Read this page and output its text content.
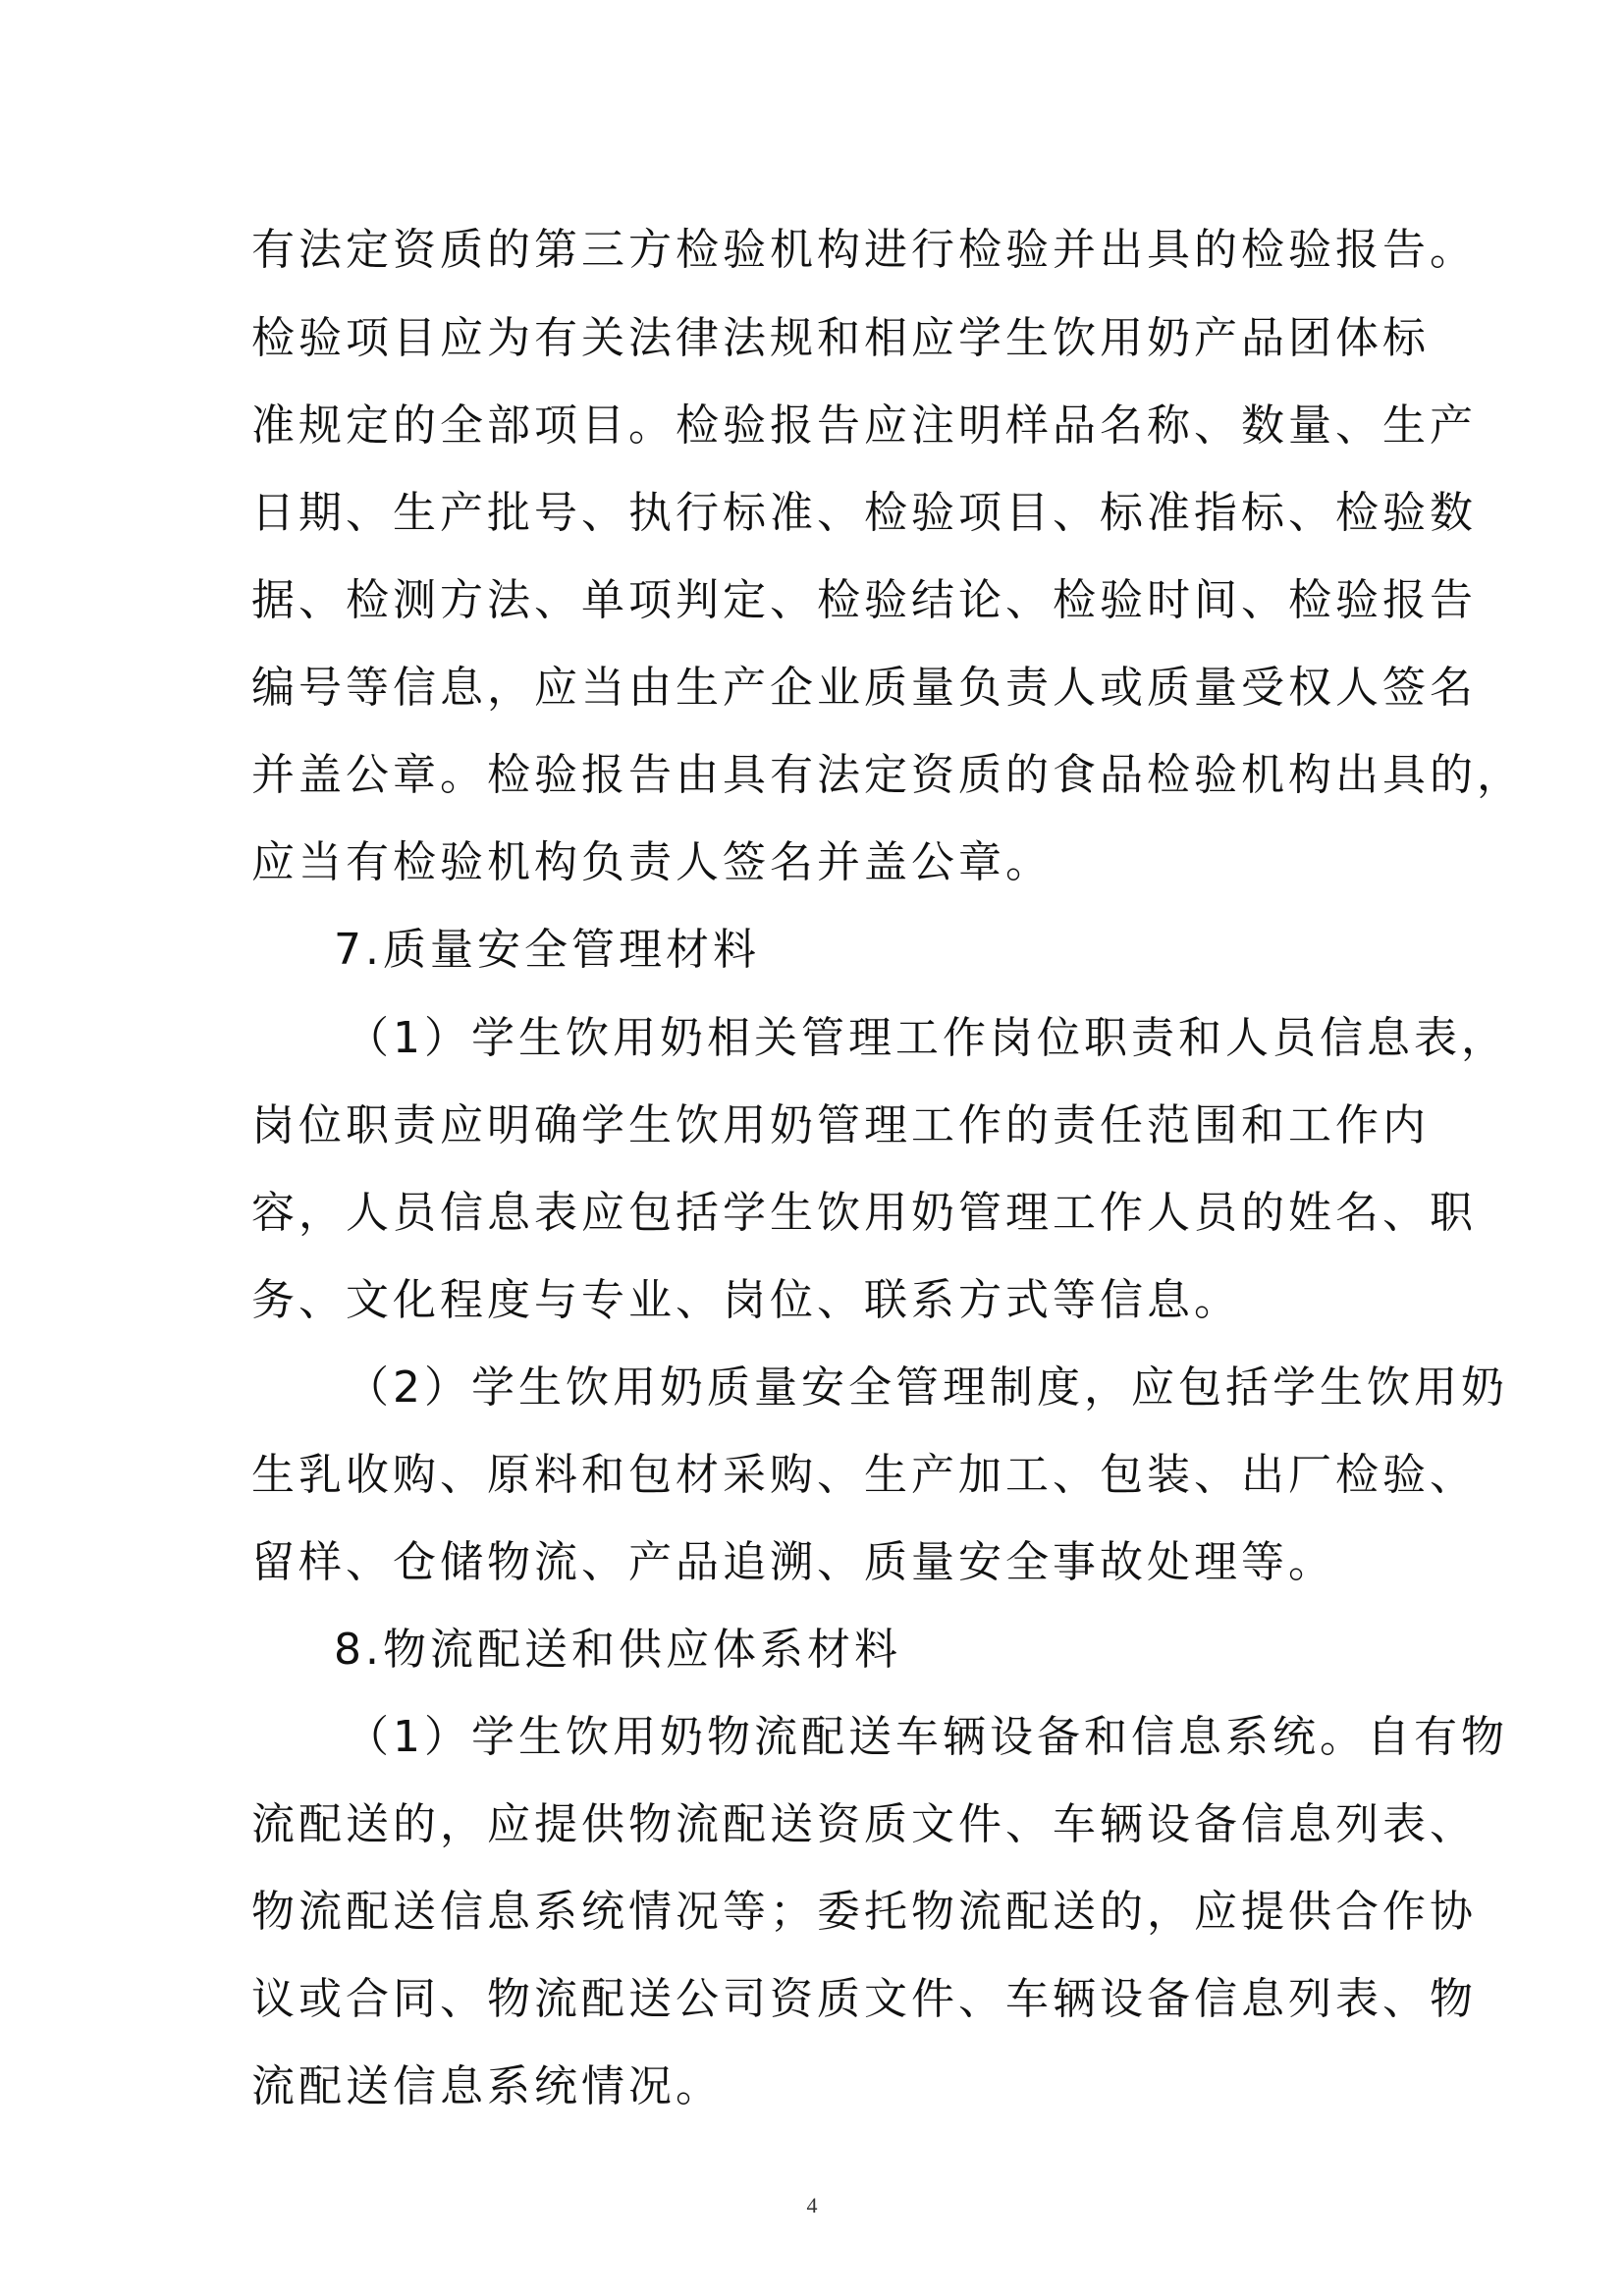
有法定资质的第三方检验机构进行检验并出具的检验报告。
检验项目应为有关法律法规和相应学生饮用奶产品团体标
准规定的全部项目。检验报告应注明样品名称、数量、生产
日期、生产批号、执行标准、检验项目、标准指标、检验数
据、检测方法、单项判定、检验结论、检验时间、检验报告
编号等信息，应当由生产企业质量负责人或质量受权人签名
并盖公章。检验报告由具有法定资质的食品检验机构出具的，
应当有检验机构负责人签名并盖公章。
7.质量安全管理材料
（1）学生饮用奶相关管理工作岗位职责和人员信息表，
岗位职责应明确学生饮用奶管理工作的责任范围和工作内
容，人员信息表应包括学生饮用奶管理工作人员的姓名、职
务、文化程度与专业、岗位、联系方式等信息。
（2）学生饮用奶质量安全管理制度，应包括学生饮用奶
生乳收购、原料和包材采购、生产加工、包装、出厂检验、
留样、仓储物流、产品追溯、质量安全事故处理等。
8.物流配送和供应体系材料
（1）学生饮用奶物流配送车辆设备和信息系统。自有物
流配送的，应提供物流配送资质文件、车辆设备信息列表、
物流配送信息系统情况等；委托物流配送的，应提供合作协
议或合同、物流配送公司资质文件、车辆设备信息列表、物
流配送信息系统情况。
4
